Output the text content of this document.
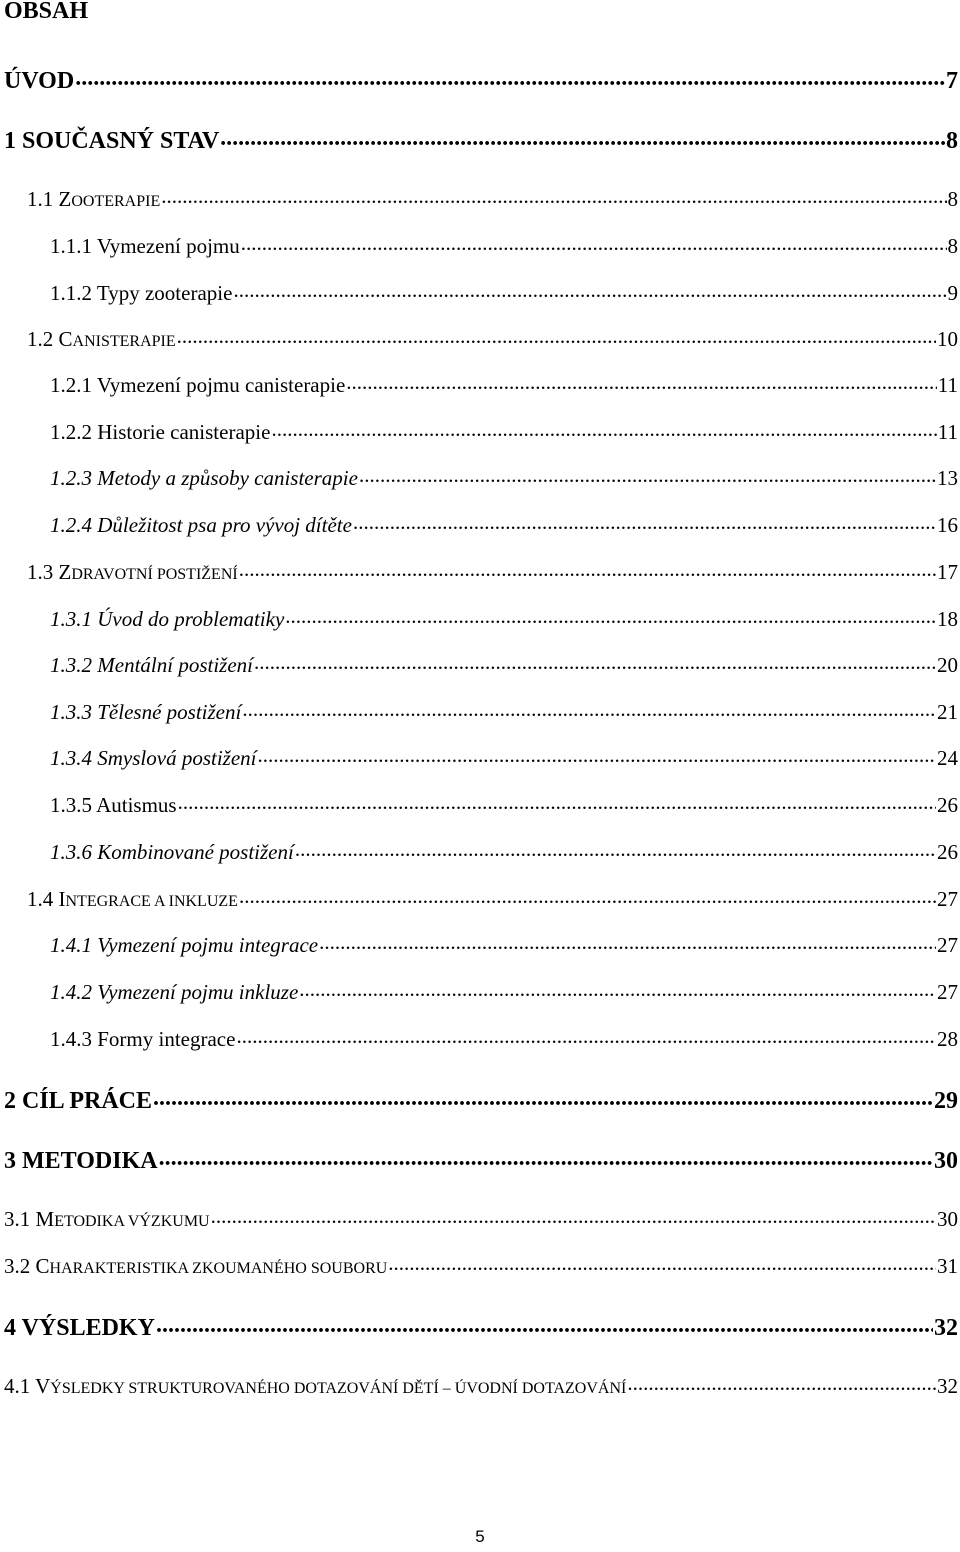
OBSAH
ÚVOD .....	7
1 SOUČASNÝ STAV .....	8
1.1 ZOOTERAPIE .....	8
1.1.1 Vymezení pojmu .....	8
1.1.2 Typy zooterapie .....	9
1.2 CANISTERAPIE .....	10
1.2.1 Vymezení pojmu canisterapie .....	11
1.2.2 Historie canisterapie .....	11
1.2.3 Metody a způsoby canisterapie .....	13
1.2.4 Důležitost psa pro vývoj dítěte .....	16
1.3 ZDRAVOTNÍ POSTIŽENÍ .....	17
1.3.1 Úvod do problematiky .....	18
1.3.2 Mentální postižení .....	20
1.3.3 Tělesné postižení .....	21
1.3.4 Smyslová postižení .....	24
1.3.5 Autismus .....	26
1.3.6 Kombinované postižení .....	26
1.4 INTEGRACE A INKLUZE .....	27
1.4.1 Vymezení pojmu integrace .....	27
1.4.2 Vymezení pojmu inkluze .....	27
1.4.3 Formy integrace .....	28
2 CÍL PRÁCE .....	29
3 METODIKA .....	30
3.1 METODIKA VÝZKUMU .....	30
3.2 CHARAKTERISTIKA ZKOUMANÉHO SOUBORU .....	31
4 VÝSLEDKY .....	32
4.1 VÝSLEDKY STRUKTUROVANÉHO DOTAZOVÁNÍ DĚTÍ – ÚVODNÍ DOTAZOVÁNÍ .....	32
5
